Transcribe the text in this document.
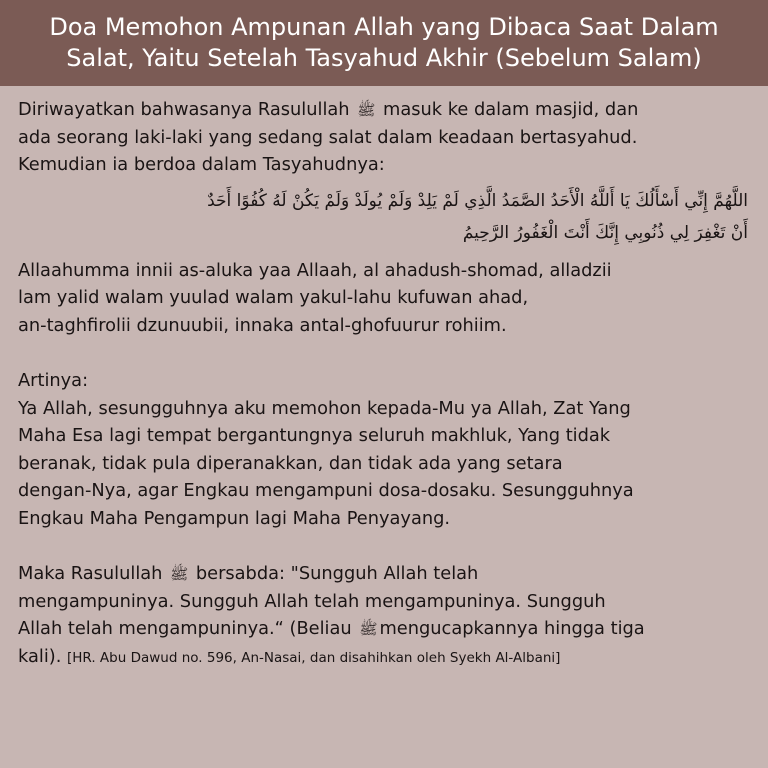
Doa Memohon Ampunan Allah yang Dibaca Saat Dalam
Salat, Yaitu Setelah Tasyahud Akhir (Sebelum Salam)

Diriwayatkan bahwasanya Rasulullah ﷺ masuk ke dalam masjid, dan

ada seorang laki-laki yang sedang salat dalam keadaan bertasyahud.

Kemudian ia berdoa dalam Tasyahudnya:

اللَّهُمَّ إِنِّي أَسْأَلُكَ يَا أَللَّهُ الْأَحَدُ الصَّمَدُ الَّذِي لَمْ يَلِدْ وَلَمْ يُولَدْ وَلَمْ يَكُنْ لَهُ كُفُوًا أَحَدٌ
أَنْ تَغْفِرَ لِي ذُنُوبِي إِنَّكَ أَنْتَ الْغَفُورُ الرَّحِيمُ

Allaahumma innii as-aluka yaa Allaah, al ahadush-shomad, alladzii

lam yalid walam yuulad walam yakul-lahu kufuwan ahad,

an-taghfirolii dzunuubii, innaka antal-ghofuurur rohiim.

Artinya:

Ya Allah, sesungguhnya aku memohon kepada-Mu ya Allah, Zat Yang

Maha Esa lagi tempat bergantungnya seluruh makhluk, Yang tidak

beranak, tidak pula diperanakkan, dan tidak ada yang setara

dengan-Nya, agar Engkau mengampuni dosa-dosaku. Sesungguhnya

Engkau Maha Pengampun lagi Maha Penyayang.

Maka Rasulullah ﷺ bersabda: "Sungguh Allah telah

mengampuninya. Sungguh Allah telah mengampuninya. Sungguh

Allah telah mengampuninya.“ (Beliau ﷺ mengucapkannya hingga tiga

kali). [HR. Abu Dawud no. 596, An-Nasai, dan disahihkan oleh Syekh Al-Albani]
